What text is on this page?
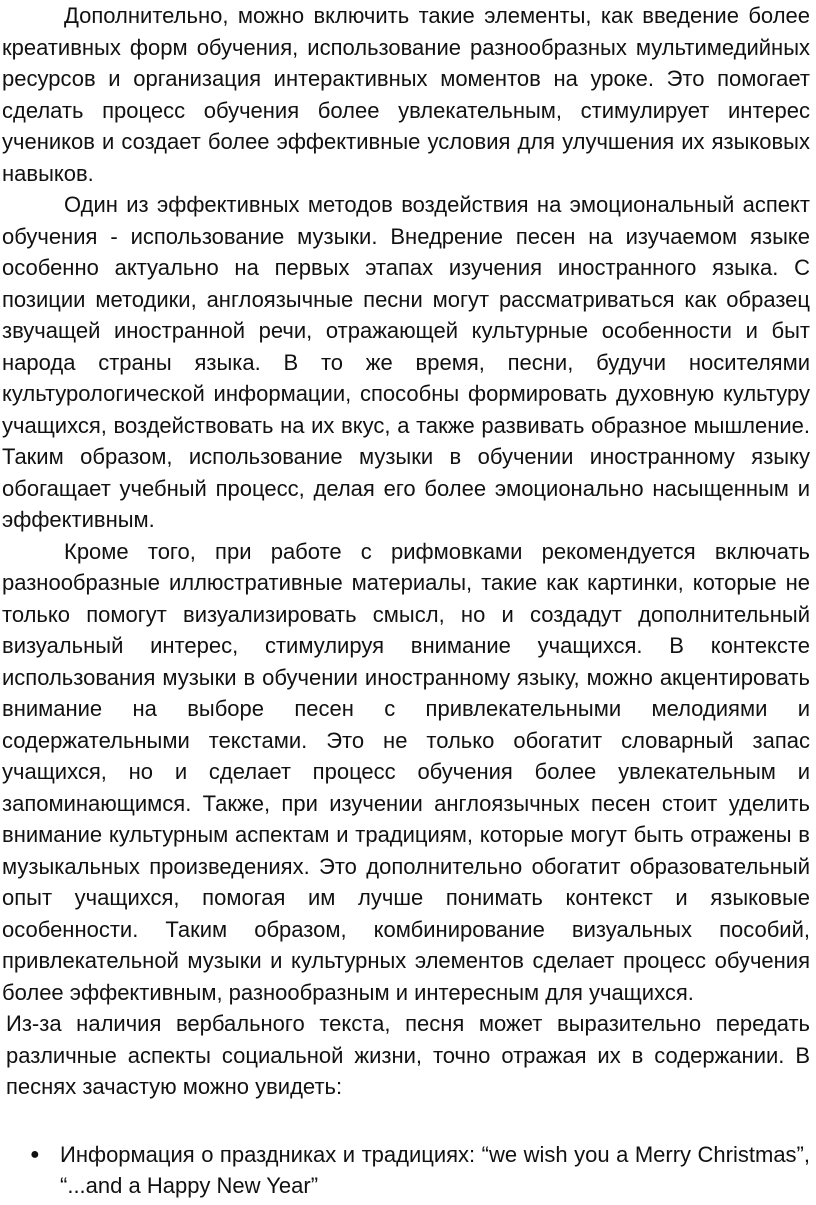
Дополнительно, можно включить такие элементы, как введение более креативных форм обучения, использование разнообразных мультимедийных ресурсов и организация интерактивных моментов на уроке. Это помогает сделать процесс обучения более увлекательным, стимулирует интерес учеников и создает более эффективные условия для улучшения их языковых навыков.

Один из эффективных методов воздействия на эмоциональный аспект обучения - использование музыки. Внедрение песен на изучаемом языке особенно актуально на первых этапах изучения иностранного языка. С позиции методики, англоязычные песни могут рассматриваться как образец звучащей иностранной речи, отражающей культурные особенности и быт народа страны языка. В то же время, песни, будучи носителями культурологической информации, способны формировать духовную культуру учащихся, воздействовать на их вкус, а также развивать образное мышление. Таким образом, использование музыки в обучении иностранному языку обогащает учебный процесс, делая его более эмоционально насыщенным и эффективным.

Кроме того, при работе с рифмовками рекомендуется включать разнообразные иллюстративные материалы, такие как картинки, которые не только помогут визуализировать смысл, но и создадут дополнительный визуальный интерес, стимулируя внимание учащихся. В контексте использования музыки в обучении иностранному языку, можно акцентировать внимание на выборе песен с привлекательными мелодиями и содержательными текстами. Это не только обогатит словарный запас учащихся, но и сделает процесс обучения более увлекательным и запоминающимся. Также, при изучении англоязычных песен стоит уделить внимание культурным аспектам и традициям, которые могут быть отражены в музыкальных произведениях. Это дополнительно обогатит образовательный опыт учащихся, помогая им лучше понимать контекст и языковые особенности. Таким образом, комбинирование визуальных пособий, привлекательной музыки и культурных элементов сделает процесс обучения более эффективным, разнообразным и интересным для учащихся.

Из-за наличия вербального текста, песня может выразительно передать различные аспекты социальной жизни, точно отражая их в содержании. В песнях зачастую можно увидеть:

● Информация о праздниках и традициях: “we wish you a Merry Christmas”, “...and a Happy New Year”
